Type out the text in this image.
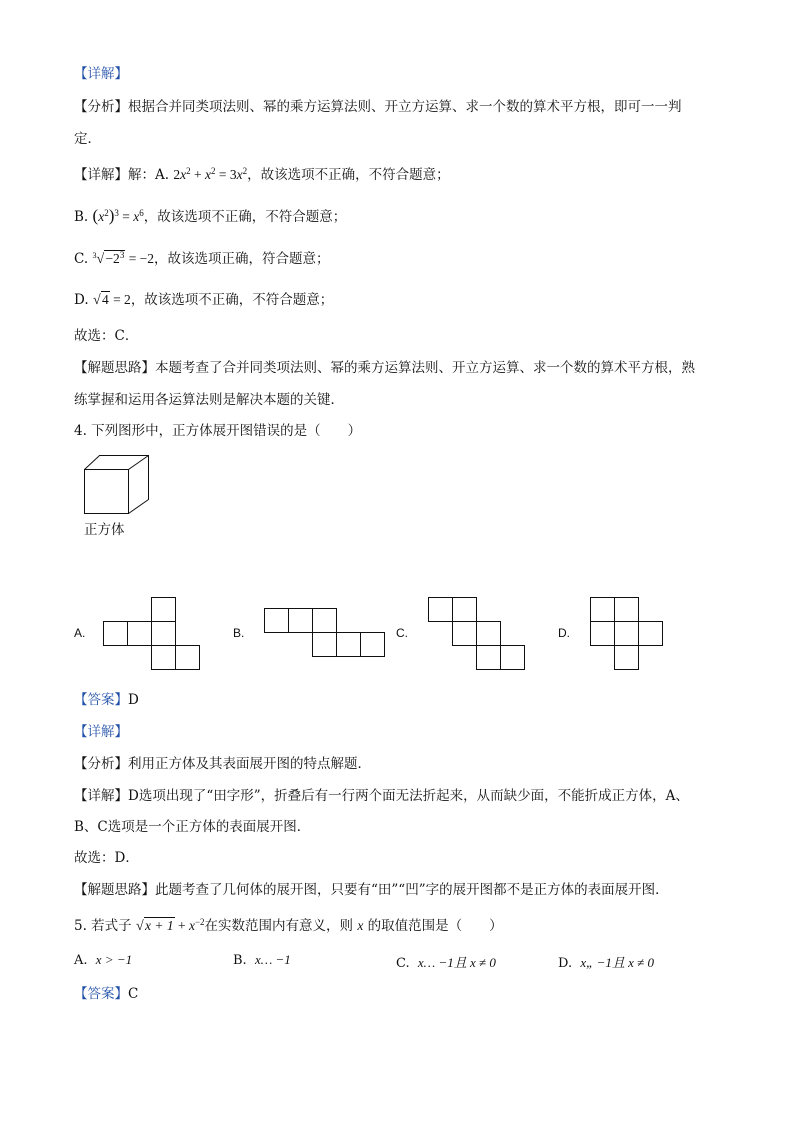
【详解】
【分析】根据合并同类项法则、幂的乘方运算法则、开立方运算、求一个数的算术平方根，即可一一判
定．
【详解】解：A. $2x^2 + x^2 = 3x^2$，故该选项不正确，不符合题意；
B. $(x^2)^3 = x^6$，故该选项不正确，不符合题意；
C. 3 √ $-2^3 = -2$，故该选项正确，符合题意；
D. √ 4 = 2，故该选项不正确，不符合题意；
故选：C．
【解题思路】本题考查了合并同类项法则、幂的乘方运算法则、开立方运算、求一个数的算术平方根，熟
练掌握和运用各运算法则是解决本题的关键．
4. 下列图形中，正方体展开图错误的是（　　）
正方体
A.	B.	C.	D.
【答案】D
【详解】
【分析】利用正方体及其表面展开图的特点解题．
【详解】D选项出现了“田字形”，折叠后有一行两个面无法折起来，从而缺少面，不能折成正方体，A、
B、C选项是一个正方体的表面展开图．
故选：D．
【解题思路】此题考查了几何体的展开图，只要有“田”“凹”字的展开图都不是正方体的表面展开图．
5. 若式子 √ $x + 1 + x^{-2}$在实数范围内有意义，则 x 的取值范围是（　　）
A. x > −1	B. x… −1	C. x… −1且 x ≠ 0	D. x„ −1且 x ≠ 0
【答案】C
